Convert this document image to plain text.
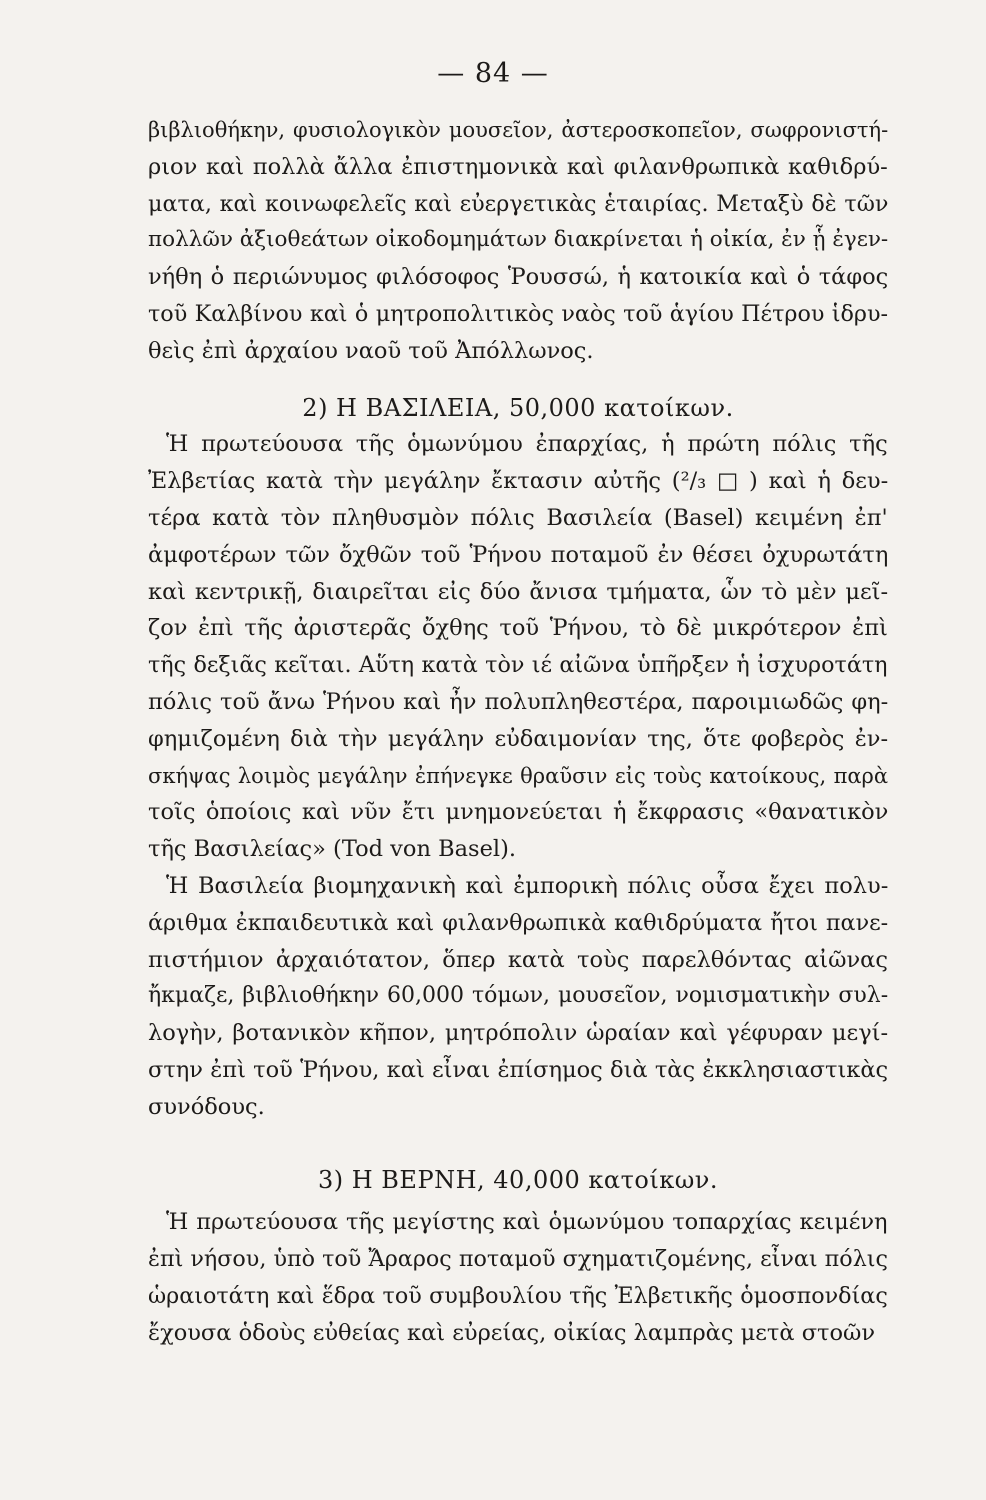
— 84 —
βιβλιοθήκην, φυσιολογικὸν μουσεῖον, ἀστεροσκοπεῖον, σωφρονιστή-
ριον καὶ πολλὰ ἄλλα ἐπιστημονικὰ καὶ φιλανθρωπικὰ καθιδρύ-
ματα, καὶ κοινωφελεῖς καὶ εὐεργετικὰς ἑταιρίας. Μεταξὺ δὲ τῶν
πολλῶν ἀξιοθεάτων οἰκοδομημάτων διακρίνεται ἡ οἰκία, ἐν ᾗ ἐγεν-
νήθη ὁ περιώνυμος φιλόσοφος Ῥουσσώ, ἡ κατοικία καὶ ὁ τάφος
τοῦ Καλβίνου καὶ ὁ μητροπολιτικὸς ναὸς τοῦ ἁγίου Πέτρου ἱδρυ-
θεὶς ἐπὶ ἀρχαίου ναοῦ τοῦ Ἀπόλλωνος.
2) Η ΒΑΣΙΛΕΙΑ, 50,000 κατοίκων.
Ἡ πρωτεύουσα τῆς ὁμωνύμου ἐπαρχίας, ἡ πρώτη πόλις τῆς
Ἐλβετίας κατὰ τὴν μεγάλην ἔκτασιν αὐτῆς (²/₃ □ ) καὶ ἡ δευ-
τέρα κατὰ τὸν πληθυσμὸν πόλις Βασιλεία (Basel) κειμένη ἐπ'
ἀμφοτέρων τῶν ὄχθῶν τοῦ Ῥήνου ποταμοῦ ἐν θέσει ὀχυρωτάτη
καὶ κεντρικῇ, διαιρεῖται εἰς δύο ἄνισα τμήματα, ὧν τὸ μὲν μεῖ-
ζον ἐπὶ τῆς ἀριστερᾶς ὄχθης τοῦ Ῥήνου, τὸ δὲ μικρότερον ἐπὶ
τῆς δεξιᾶς κεῖται. Αὕτη κατὰ τὸν ιέ αἰῶνα ὑπῆρξεν ἡ ἰσχυροτάτη
πόλις τοῦ ἄνω Ῥήνου καὶ ἦν πολυπληθεστέρα, παροιμιωδῶς φη-
φημιζομένη διὰ τὴν μεγάλην εὐδαιμονίαν της, ὅτε φοβερὸς ἐν-
σκήψας λοιμὸς μεγάλην ἐπήνεγκε θραῦσιν εἰς τοὺς κατοίκους, παρὰ
τοῖς ὁποίοις καὶ νῦν ἔτι μνημονεύεται ἡ ἔκφρασις «θανατικὸν
τῆς Βασιλείας» (Tod von Basel).
Ἡ Βασιλεία βιομηχανικὴ καὶ ἐμπορικὴ πόλις οὖσα ἔχει πολυ-
άριθμα ἐκπαιδευτικὰ καὶ φιλανθρωπικὰ καθιδρύματα ἤτοι πανε-
πιστήμιον ἀρχαιότατον, ὅπερ κατὰ τοὺς παρελθόντας αἰῶνας
ἤκμαζε, βιβλιοθήκην 60,000 τόμων, μουσεῖον, νομισματικὴν συλ-
λογὴν, βοτανικὸν κῆπον, μητρόπολιν ὡραίαν καὶ γέφυραν μεγί-
στην ἐπὶ τοῦ Ῥήνου, καὶ εἶναι ἐπίσημος διὰ τὰς ἐκκλησιαστικὰς
συνόδους.
3) Η ΒΕΡΝΗ, 40,000 κατοίκων.
Ἡ πρωτεύουσα τῆς μεγίστης καὶ ὁμωνύμου τοπαρχίας κειμένη
ἐπὶ νήσου, ὑπὸ τοῦ Ἄραρος ποταμοῦ σχηματιζομένης, εἶναι πόλις
ὡραιοτάτη καὶ ἕδρα τοῦ συμβουλίου τῆς Ἐλβετικῆς ὁμοσπονδίας
ἔχουσα ὁδοὺς εὐθείας καὶ εὐρείας, οἰκίας λαμπρὰς μετὰ στοῶν
